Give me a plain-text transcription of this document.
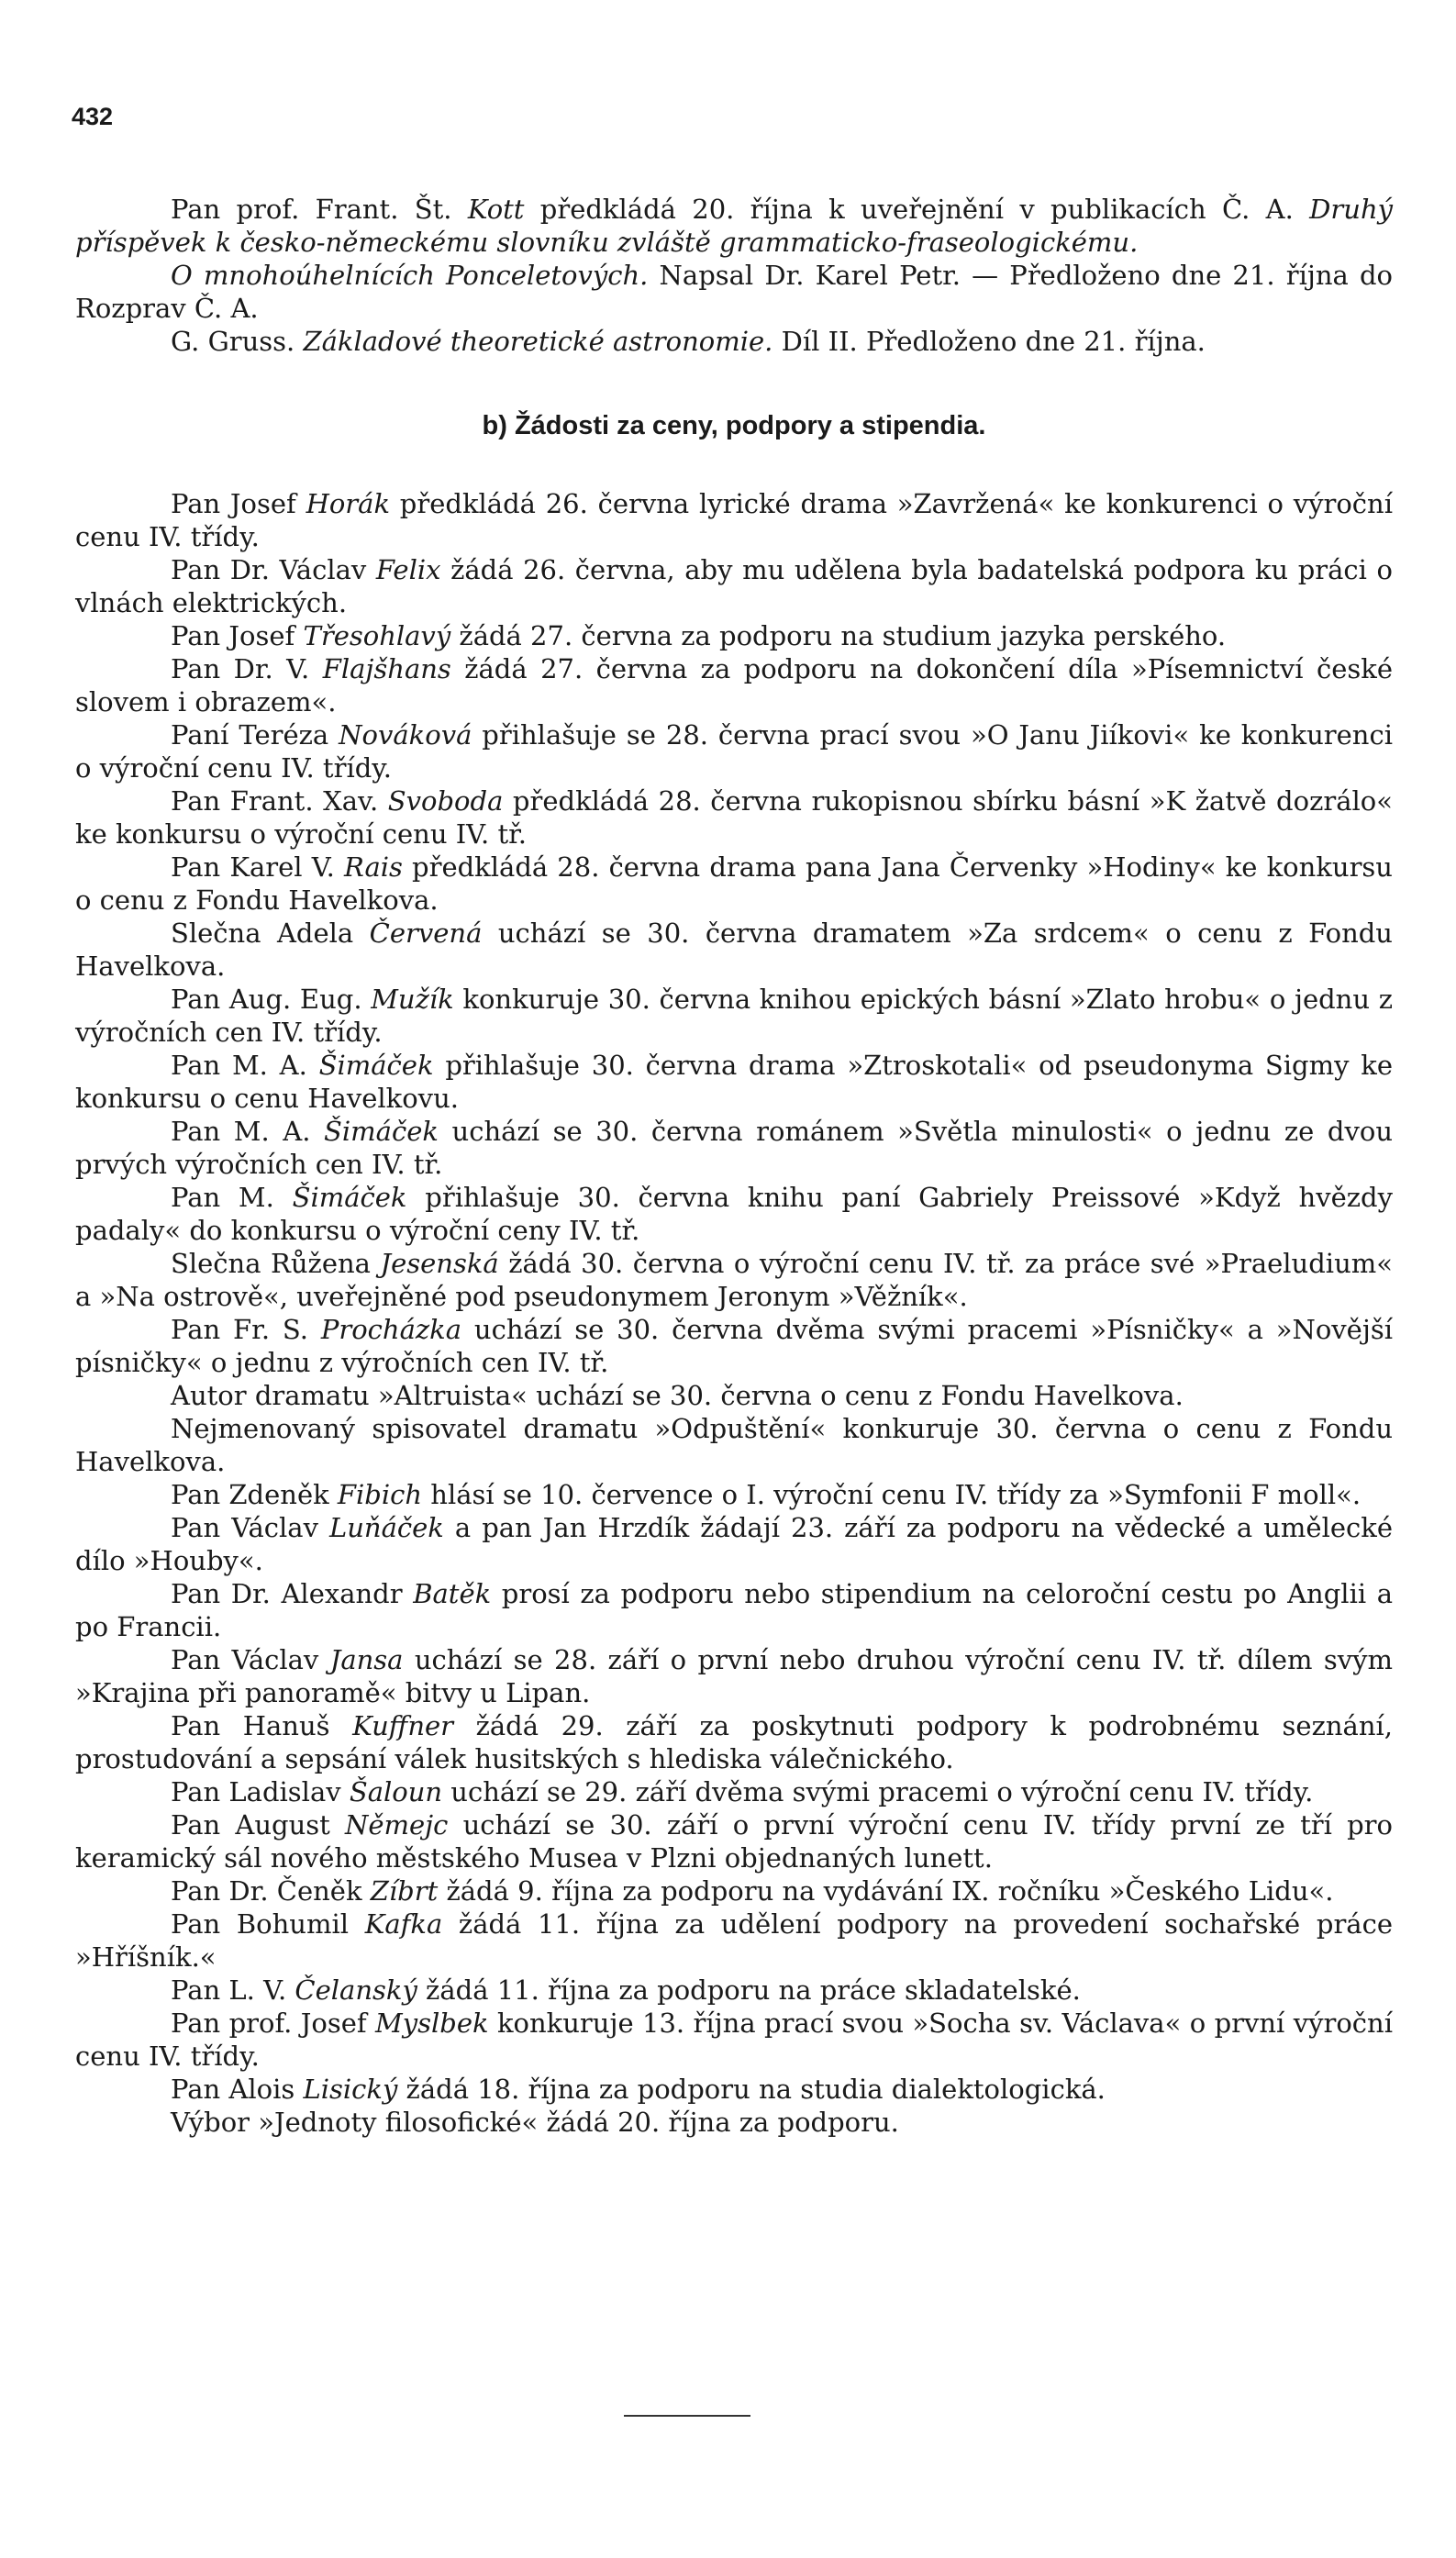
432

Pan prof. Frant. Št. Kott předkládá 20. října k uveřejnění v publikacích Č. A. Druhý příspěvek k česko-německému slovníku zvláště grammaticko-fraseologickému.

O mnohoúhelnících Ponceletových. Napsal Dr. Karel Petr. — Předloženo dne 21. října do Rozprav Č. A.

G. Gruss. Základové theoretické astronomie. Díl II. Předloženo dne 21. října.

b) Žádosti za ceny, podpory a stipendia.

Pan Josef Horák předkládá 26. června lyrické drama »Zavržená« ke konkurenci o výroční cenu IV. třídy.

Pan Dr. Václav Felix žádá 26. června, aby mu udělena byla badatelská podpora ku práci o vlnách elektrických.

Pan Josef Třesohlavý žádá 27. června za podporu na studium jazyka perského.

Pan Dr. V. Flajšhans žádá 27. června za podporu na dokončení díla »Písemnictví české slovem i obrazem«.

Paní Teréza Nováková přihlašuje se 28. června prací svou »O Janu Jiíkovi« ke konkurenci o výroční cenu IV. třídy.

Pan Frant. Xav. Svoboda předkládá 28. června rukopisnou sbírku básní »K žatvě dozrálo« ke konkursu o výroční cenu IV. tř.

Pan Karel V. Rais předkládá 28. června drama pana Jana Červenky »Hodiny« ke konkursu o cenu z Fondu Havelkova.

Slečna Adela Červená uchází se 30. června dramatem »Za srdcem« o cenu z Fondu Havelkova.

Pan Aug. Eug. Mužík konkuruje 30. června knihou epických básní »Zlato hrobu« o jednu z výročních cen IV. třídy.

Pan M. A. Šimáček přihlašuje 30. června drama »Ztroskotali« od pseudonyma Sigmy ke konkursu o cenu Havelkovu.

Pan M. A. Šimáček uchází se 30. června románem »Světla minulosti« o jednu ze dvou prvých výročních cen IV. tř.

Pan M. Šimáček přihlašuje 30. června knihu paní Gabriely Preissové »Když hvězdy padaly« do konkursu o výroční ceny IV. tř.

Slečna Růžena Jesenská žádá 30. června o výroční cenu IV. tř. za práce své »Praeludium« a »Na ostrově«, uveřejněné pod pseudonymem Jeronym »Věžník«.

Pan Fr. S. Procházka uchází se 30. června dvěma svými pracemi »Písničky« a »Novější písničky« o jednu z výročních cen IV. tř.

Autor dramatu »Altruista« uchází se 30. června o cenu z Fondu Havelkova.

Nejmenovaný spisovatel dramatu »Odpuštění« konkuruje 30. června o cenu z Fondu Havelkova.

Pan Zdeněk Fibich hlásí se 10. července o I. výroční cenu IV. třídy za »Symfonii F moll«.

Pan Václav Luňáček a pan Jan Hrzdík žádají 23. září za podporu na vědecké a umělecké dílo »Houby«.

Pan Dr. Alexandr Batěk prosí za podporu nebo stipendium na celoroční cestu po Anglii a po Francii.

Pan Václav Jansa uchází se 28. září o první nebo druhou výroční cenu IV. tř. dílem svým »Krajina při panoramě« bitvy u Lipan.

Pan Hanuš Kuffner žádá 29. září za poskytnuti podpory k podrobnému seznání, prostudování a sepsání válek husitských s hlediska válečnického.

Pan Ladislav Šaloun uchází se 29. září dvěma svými pracemi o výroční cenu IV. třídy.

Pan August Němejc uchází se 30. září o první výroční cenu IV. třídy první ze tří pro keramický sál nového městského Musea v Plzni objednaných lunett.

Pan Dr. Čeněk Zíbrt žádá 9. října za podporu na vydávání IX. ročníku »Českého Lidu«.

Pan Bohumil Kafka žádá 11. října za udělení podpory na provedení sochařské práce »Hříšník.«

Pan L. V. Čelanský žádá 11. října za podporu na práce skladatelské.

Pan prof. Josef Myslbek konkuruje 13. října prací svou »Socha sv. Václava« o první výroční cenu IV. třídy.

Pan Alois Lisický žádá 18. října za podporu na studia dialektologická.

Výbor »Jednoty filosofické« žádá 20. října za podporu.
